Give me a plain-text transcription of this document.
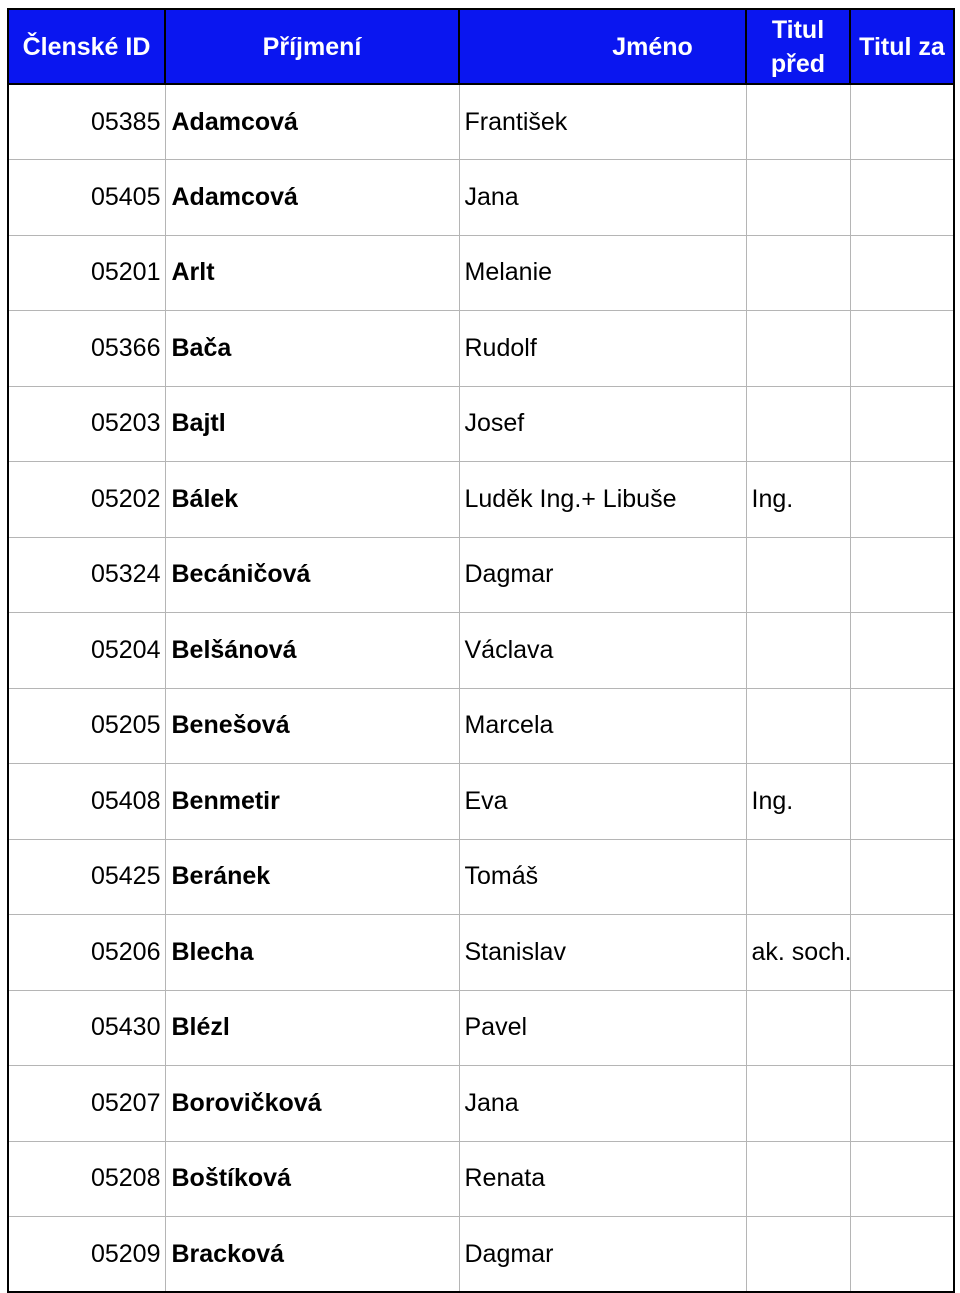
Členské ID	Příjmení	Jméno	Titul před	Titul za
05385	Adamcová	František		
05405	Adamcová	Jana		
05201	Arlt	Melanie		
05366	Bača	Rudolf		
05203	Bajtl	Josef		
05202	Bálek	Luděk Ing.+ Libuše	Ing.	
05324	Becáničová	Dagmar		
05204	Belšánová	Václava		
05205	Benešová	Marcela		
05408	Benmetir	Eva	Ing.	
05425	Beránek	Tomáš		
05206	Blecha	Stanislav	ak. soch.	
05430	Blézl	Pavel		
05207	Borovičková	Jana		
05208	Boštíková	Renata		
05209	Bracková	Dagmar		
